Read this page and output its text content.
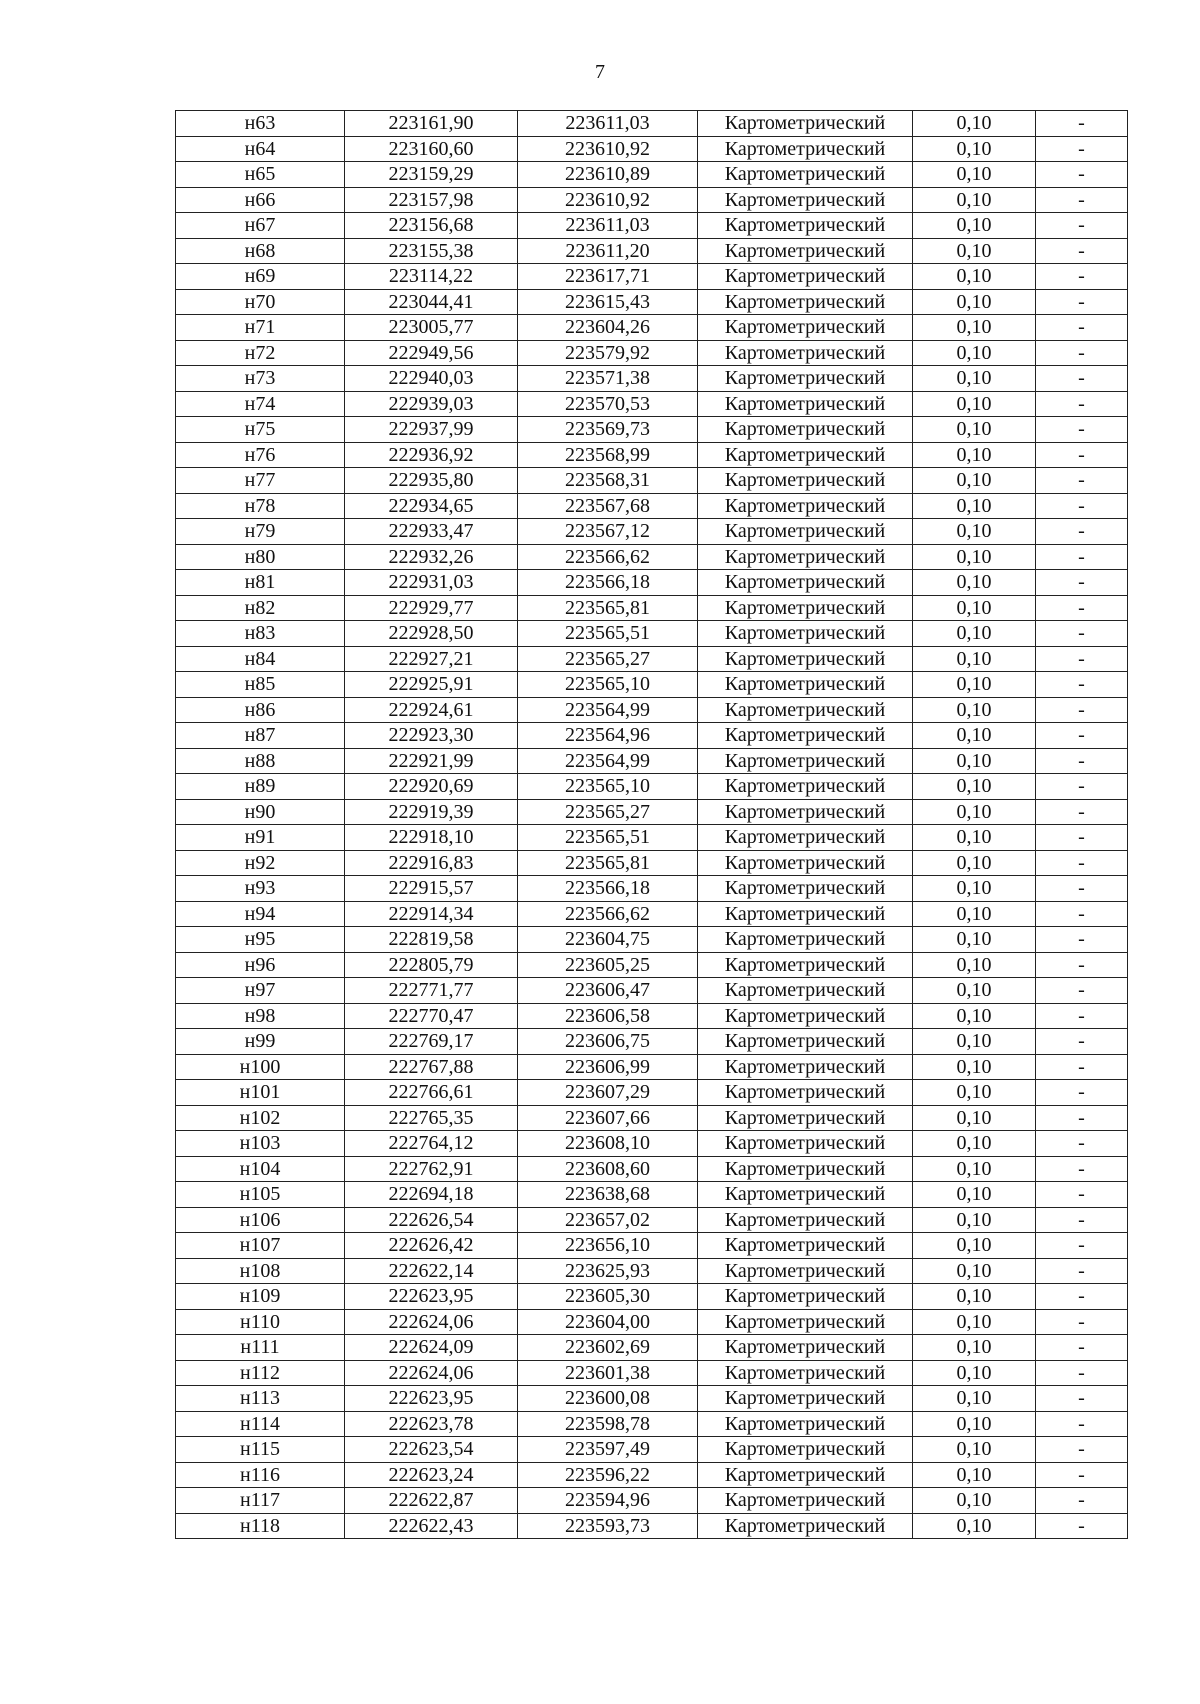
7
н63	223161,90	223611,03	Картометрический	0,10	-
н64	223160,60	223610,92	Картометрический	0,10	-
н65	223159,29	223610,89	Картометрический	0,10	-
н66	223157,98	223610,92	Картометрический	0,10	-
н67	223156,68	223611,03	Картометрический	0,10	-
н68	223155,38	223611,20	Картометрический	0,10	-
н69	223114,22	223617,71	Картометрический	0,10	-
н70	223044,41	223615,43	Картометрический	0,10	-
н71	223005,77	223604,26	Картометрический	0,10	-
н72	222949,56	223579,92	Картометрический	0,10	-
н73	222940,03	223571,38	Картометрический	0,10	-
н74	222939,03	223570,53	Картометрический	0,10	-
н75	222937,99	223569,73	Картометрический	0,10	-
н76	222936,92	223568,99	Картометрический	0,10	-
н77	222935,80	223568,31	Картометрический	0,10	-
н78	222934,65	223567,68	Картометрический	0,10	-
н79	222933,47	223567,12	Картометрический	0,10	-
н80	222932,26	223566,62	Картометрический	0,10	-
н81	222931,03	223566,18	Картометрический	0,10	-
н82	222929,77	223565,81	Картометрический	0,10	-
н83	222928,50	223565,51	Картометрический	0,10	-
н84	222927,21	223565,27	Картометрический	0,10	-
н85	222925,91	223565,10	Картометрический	0,10	-
н86	222924,61	223564,99	Картометрический	0,10	-
н87	222923,30	223564,96	Картометрический	0,10	-
н88	222921,99	223564,99	Картометрический	0,10	-
н89	222920,69	223565,10	Картометрический	0,10	-
н90	222919,39	223565,27	Картометрический	0,10	-
н91	222918,10	223565,51	Картометрический	0,10	-
н92	222916,83	223565,81	Картометрический	0,10	-
н93	222915,57	223566,18	Картометрический	0,10	-
н94	222914,34	223566,62	Картометрический	0,10	-
н95	222819,58	223604,75	Картометрический	0,10	-
н96	222805,79	223605,25	Картометрический	0,10	-
н97	222771,77	223606,47	Картометрический	0,10	-
н98	222770,47	223606,58	Картометрический	0,10	-
н99	222769,17	223606,75	Картометрический	0,10	-
н100	222767,88	223606,99	Картометрический	0,10	-
н101	222766,61	223607,29	Картометрический	0,10	-
н102	222765,35	223607,66	Картометрический	0,10	-
н103	222764,12	223608,10	Картометрический	0,10	-
н104	222762,91	223608,60	Картометрический	0,10	-
н105	222694,18	223638,68	Картометрический	0,10	-
н106	222626,54	223657,02	Картометрический	0,10	-
н107	222626,42	223656,10	Картометрический	0,10	-
н108	222622,14	223625,93	Картометрический	0,10	-
н109	222623,95	223605,30	Картометрический	0,10	-
н110	222624,06	223604,00	Картометрический	0,10	-
н111	222624,09	223602,69	Картометрический	0,10	-
н112	222624,06	223601,38	Картометрический	0,10	-
н113	222623,95	223600,08	Картометрический	0,10	-
н114	222623,78	223598,78	Картометрический	0,10	-
н115	222623,54	223597,49	Картометрический	0,10	-
н116	222623,24	223596,22	Картометрический	0,10	-
н117	222622,87	223594,96	Картометрический	0,10	-
н118	222622,43	223593,73	Картометрический	0,10	-
